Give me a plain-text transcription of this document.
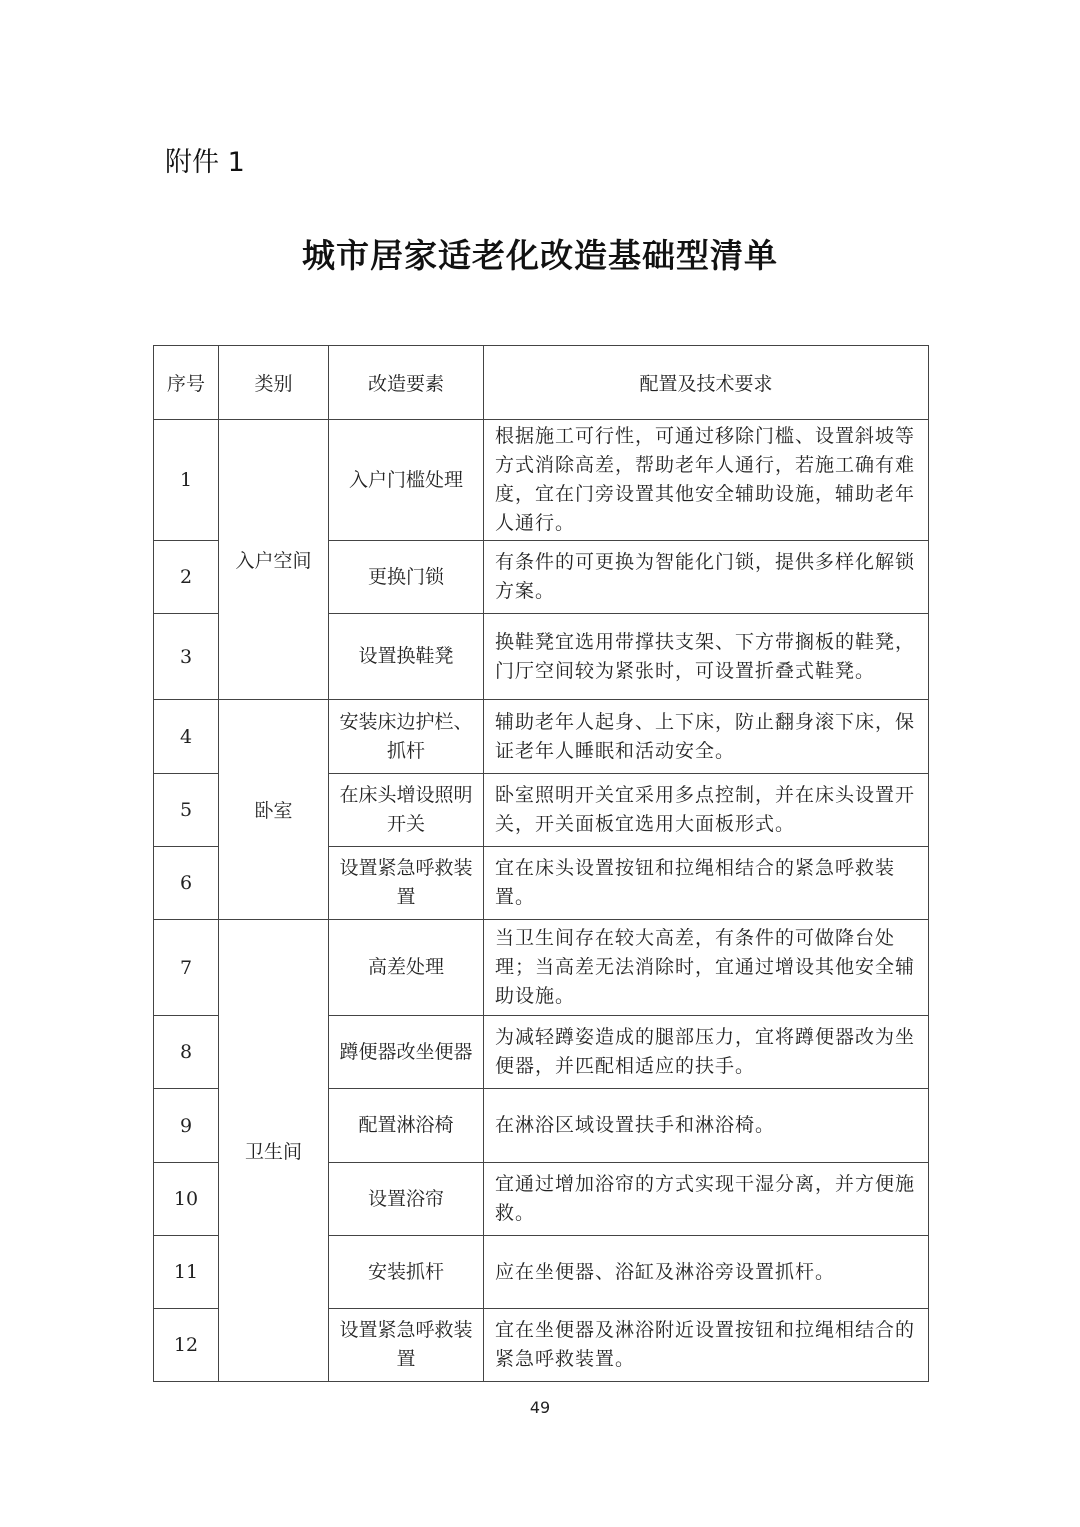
附件 1
城市居家适老化改造基础型清单
序号	类别	改造要素	配置及技术要求
1	入户空间	入户门槛处理	根据施工可行性，可通过移除门槛、设置斜坡等方式消除高差，帮助老年人通行，若施工确有难度，宜在门旁设置其他安全辅助设施，辅助老年人通行。
2		更换门锁	有条件的可更换为智能化门锁，提供多样化解锁方案。
3		设置换鞋凳	换鞋凳宜选用带撑扶支架、下方带搁板的鞋凳，门厅空间较为紧张时，可设置折叠式鞋凳。
4	卧室	安装床边护栏、抓杆	辅助老年人起身、上下床，防止翻身滚下床，保证老年人睡眠和活动安全。
5		在床头增设照明开关	卧室照明开关宜采用多点控制，并在床头设置开关，开关面板宜选用大面板形式。
6		设置紧急呼救装置	宜在床头设置按钮和拉绳相结合的紧急呼救装置。
7	卫生间	高差处理	当卫生间存在较大高差，有条件的可做降台处理；当高差无法消除时，宜通过增设其他安全辅助设施。
8		蹲便器改坐便器	为减轻蹲姿造成的腿部压力，宜将蹲便器改为坐便器，并匹配相适应的扶手。
9		配置淋浴椅	在淋浴区域设置扶手和淋浴椅。
10		设置浴帘	宜通过增加浴帘的方式实现干湿分离，并方便施救。
11		安装抓杆	应在坐便器、浴缸及淋浴旁设置抓杆。
12		设置紧急呼救装置	宜在坐便器及淋浴附近设置按钮和拉绳相结合的紧急呼救装置。
49
